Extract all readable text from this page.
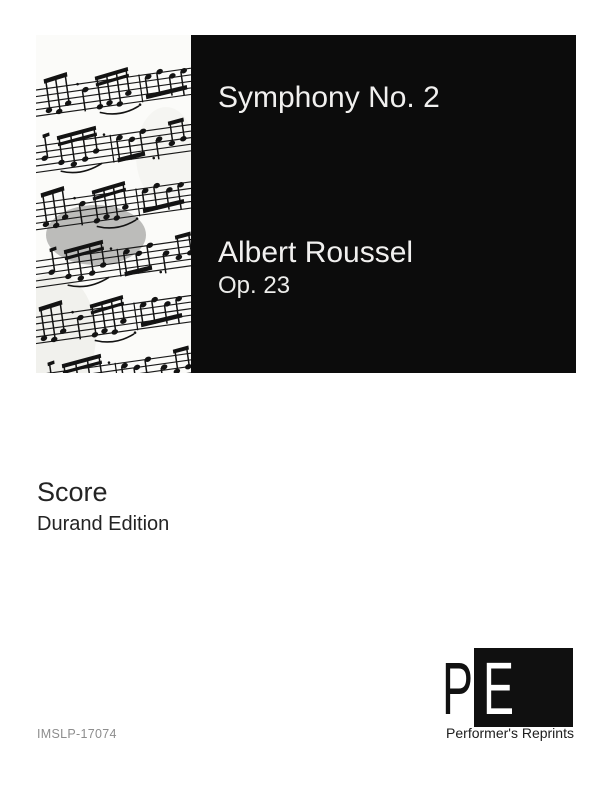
Symphony No. 2
Albert Roussel
Op. 23
Score
Durand Edition
IMSLP-17074
P E
Performer's Reprints
